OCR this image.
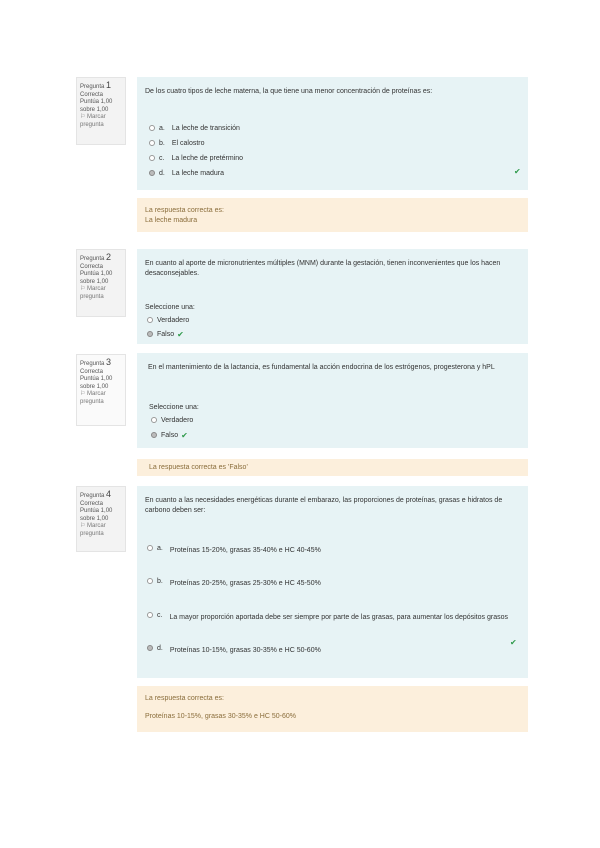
Pregunta 1
Correcta
Puntúa 1,00
sobre 1,00
⚐ Marcar pregunta
De los cuatro tipos de leche materna, la que tiene una menor concentración de proteínas es:
a. La leche de transición
b. El calostro
c. La leche de pretérmino
d. La leche madura	✔
La respuesta correcta es:
La leche madura
Pregunta 2
Correcta
Puntúa 1,00
sobre 1,00
⚐ Marcar pregunta
En cuanto al aporte de micronutrientes múltiples (MNM) durante la gestación, tienen inconvenientes que los hacen desaconsejables.
Seleccione una:
Verdadero
Falso ✔
Pregunta 3
Correcta
Puntúa 1,00
sobre 1,00
⚐ Marcar pregunta
En el mantenimiento de la lactancia, es fundamental la acción endocrina de los estrógenos, progesterona y hPL
Seleccione una:
Verdadero
Falso ✔
La respuesta correcta es 'Falso'
Pregunta 4
Correcta
Puntúa 1,00
sobre 1,00
⚐ Marcar pregunta
En cuanto a las necesidades energéticas durante el embarazo, las proporciones de proteínas, grasas e hidratos de carbono deben ser:
a. Proteínas 15-20%, grasas 35-40% e HC 40-45%
b. Proteínas 20-25%, grasas 25-30% e HC 45-50%
c. La mayor proporción aportada debe ser siempre por parte de las grasas, para aumentar los depósitos grasos
d. Proteínas 10-15%, grasas 30-35% e HC 50-60%
✔
La respuesta correcta es:
Proteínas 10-15%, grasas 30-35% e HC 50-60%
